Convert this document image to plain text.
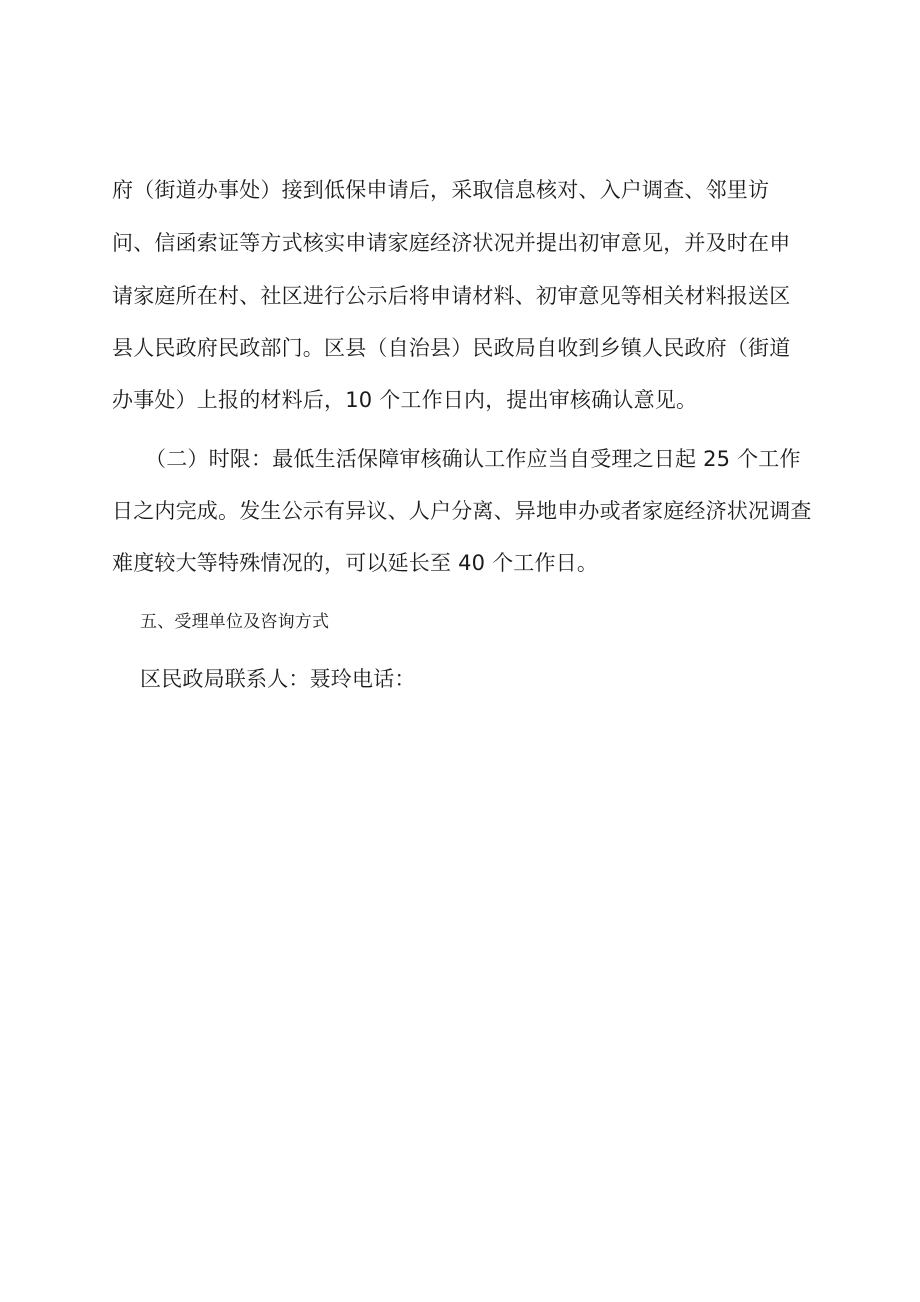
府（街道办事处）接到低保申请后，采取信息核对、入户调查、邻里访

问、信函索证等方式核实申请家庭经济状况并提出初审意见，并及时在申

请家庭所在村、社区进行公示后将申请材料、初审意见等相关材料报送区

县人民政府民政部门。区县（自治县）民政局自收到乡镇人民政府（街道

办事处）上报的材料后，10 个工作日内，提出审核确认意见。

（二）时限：最低生活保障审核确认工作应当自受理之日起 25 个工作

日之内完成。发生公示有异议、人户分离、异地申办或者家庭经济状况调查

难度较大等特殊情况的，可以延长至 40 个工作日。

五、受理单位及咨询方式

区民政局联系人：聂玲电话：
